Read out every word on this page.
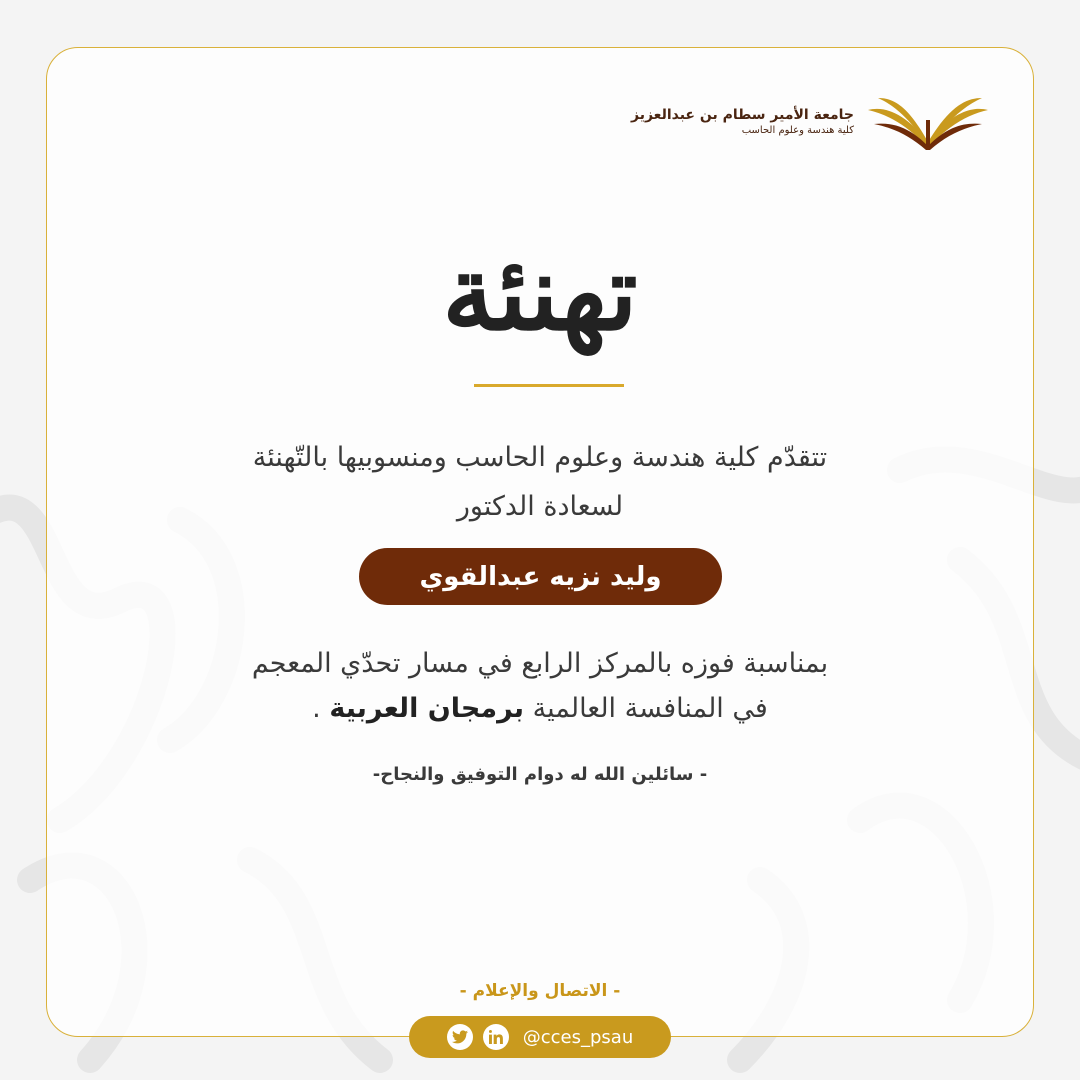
جامعة الأمير سطام بن عبدالعزيز
كلية هندسة وعلوم الحاسب
تهنئة
تتقدّم كلية هندسة وعلوم الحاسب ومنسوبيها بالتّهنئة
لسعادة الدكتور
وليد نزيه عبدالقوي
بمناسبة فوزه بالمركز الرابع في مسار تحدّي المعجم
في المنافسة العالمية برمجان العربية .
- سائلين الله له دوام التوفيق والنجاح-
- الاتصال والإعلام -
@cces_psau
